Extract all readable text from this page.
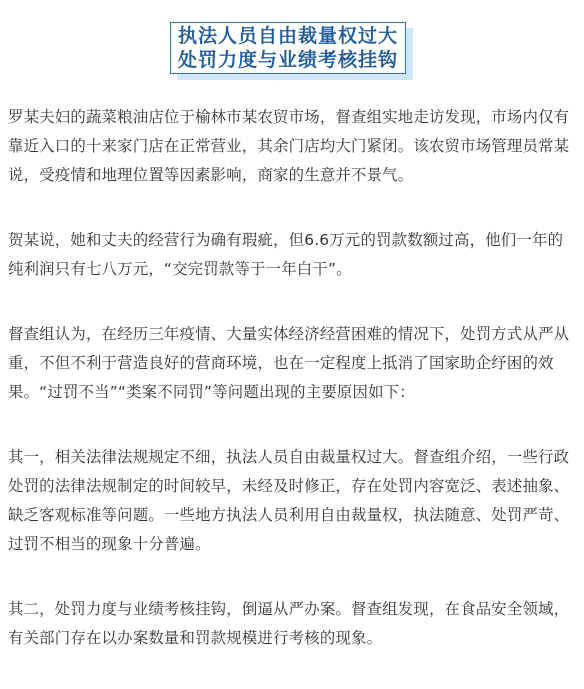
执法人员自由裁量权过大
处罚力度与业绩考核挂钩

罗某夫妇的蔬菜粮油店位于榆林市某农贸市场，督查组实地走访发现，市场内仅有靠近入口的十来家门店在正常营业，其余门店均大门紧闭。该农贸市场管理员常某说，受疫情和地理位置等因素影响，商家的生意并不景气。

贺某说，她和丈夫的经营行为确有瑕疵，但6.6万元的罚款数额过高，他们一年的纯利润只有七八万元，“交完罚款等于一年白干”。

督查组认为，在经历三年疫情、大量实体经济经营困难的情况下，处罚方式从严从重，不但不利于营造良好的营商环境，也在一定程度上抵消了国家助企纾困的效果。“过罚不当”“类案不同罚”等问题出现的主要原因如下：

其一，相关法律法规规定不细，执法人员自由裁量权过大。督查组介绍，一些行政处罚的法律法规制定的时间较早，未经及时修正，存在处罚内容宽泛、表述抽象、缺乏客观标准等问题。一些地方执法人员利用自由裁量权，执法随意、处罚严苛、过罚不相当的现象十分普遍。

其二，处罚力度与业绩考核挂钩，倒逼从严办案。督查组发现，在食品安全领域，有关部门存在以办案数量和罚款规模进行考核的现象。
